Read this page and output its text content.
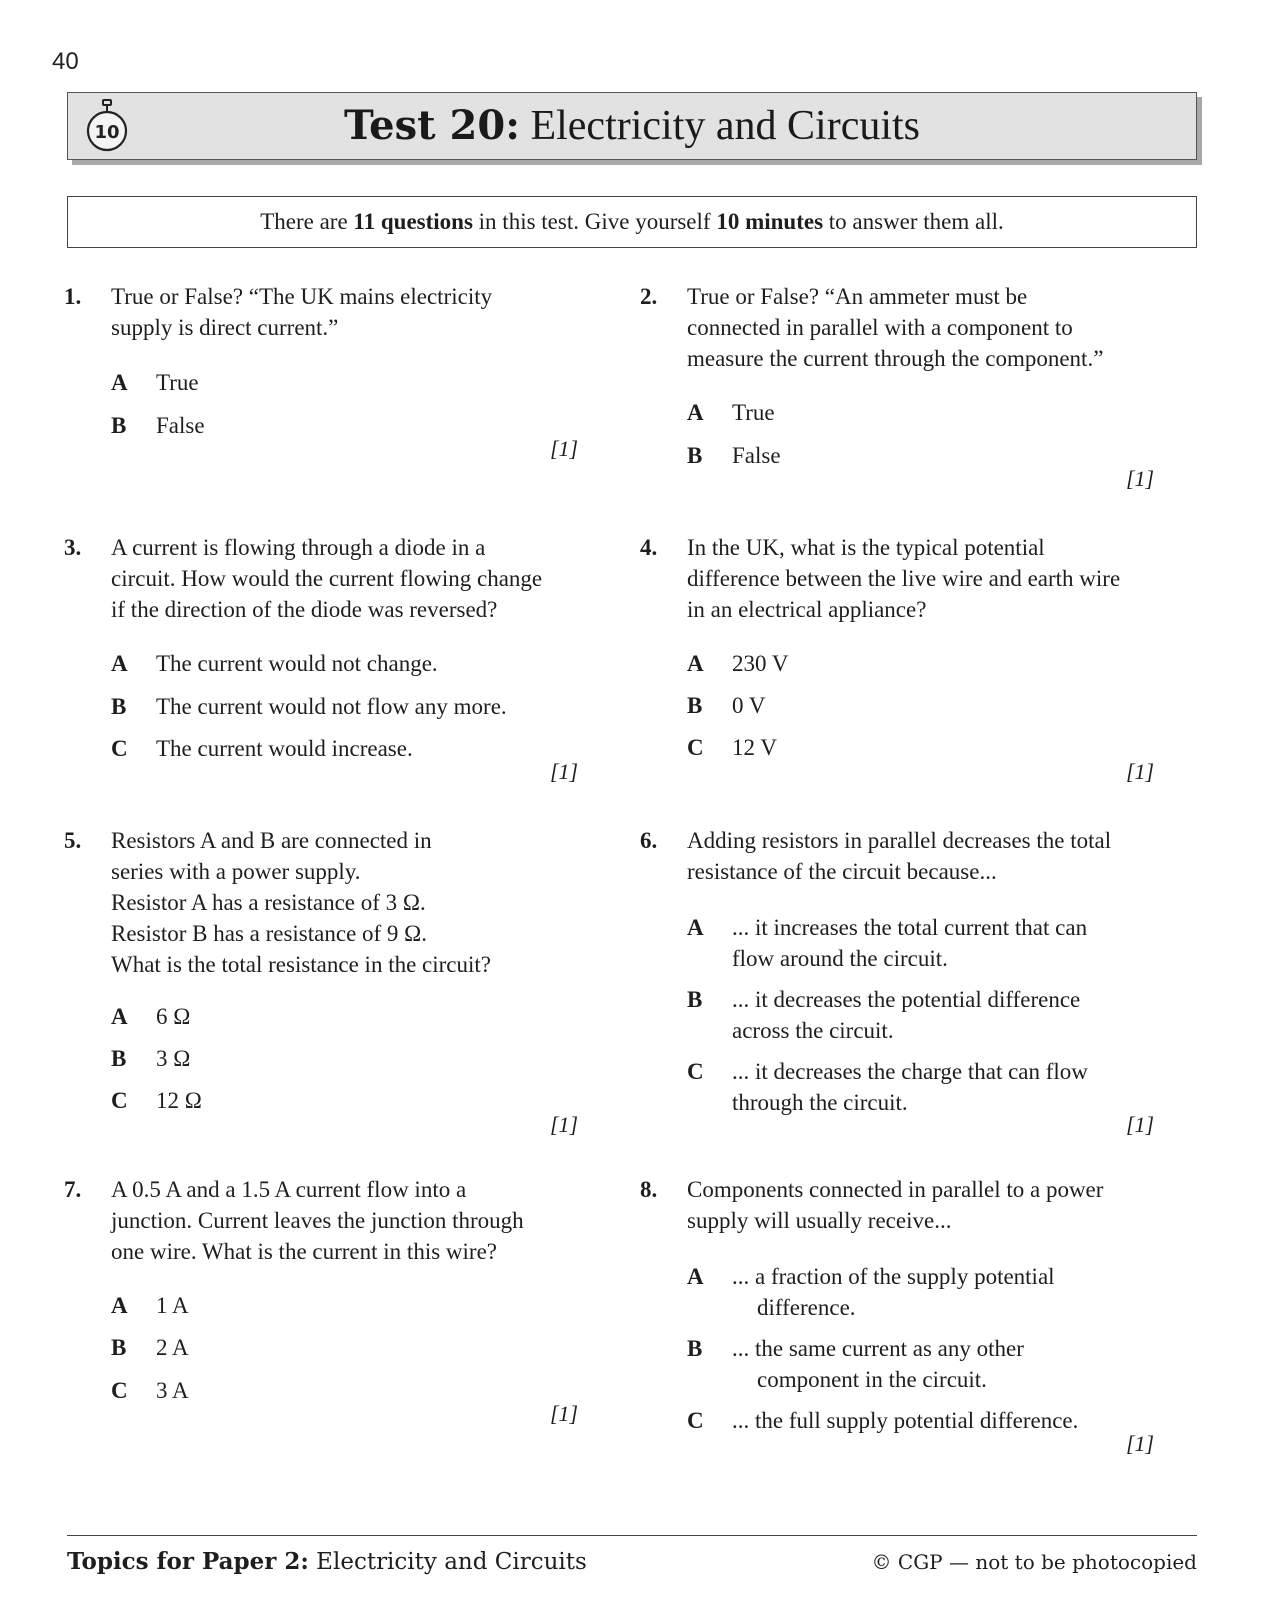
40
10	Test 20: Electricity and Circuits
There are 11 questions in this test. Give yourself 10 minutes to answer them all.
1. True or False? “The UK mains electricity
supply is direct current.”
A True
B False
[1]
2. True or False? “An ammeter must be
connected in parallel with a component to
measure the current through the component.”
A True
B False
[1]
3. A current is flowing through a diode in a
circuit. How would the current flowing change
if the direction of the diode was reversed?
A The current would not change.
B The current would not flow any more.
C The current would increase.
[1]
4. In the UK, what is the typical potential
difference between the live wire and earth wire
in an electrical appliance?
A 230 V
B 0 V
C 12 V
[1]
5. Resistors A and B are connected in
series with a power supply.
Resistor A has a resistance of 3 Ω.
Resistor B has a resistance of 9 Ω.
What is the total resistance in the circuit?
A 6 Ω
B 3 Ω
C 12 Ω
[1]
6. Adding resistors in parallel decreases the total
resistance of the circuit because...
A ... it increases the total current that can
flow around the circuit.
B ... it decreases the potential difference
across the circuit.
C ... it decreases the charge that can flow
through the circuit.
[1]
7. A 0.5 A and a 1.5 A current flow into a
junction. Current leaves the junction through
one wire. What is the current in this wire?
A 1 A
B 2 A
C 3 A
[1]
8. Components connected in parallel to a power
supply will usually receive...
A ... a fraction of the supply potential
difference.
B ... the same current as any other
component in the circuit.
C ... the full supply potential difference.
[1]
Topics for Paper 2: Electricity and Circuits	© CGP — not to be photocopied
